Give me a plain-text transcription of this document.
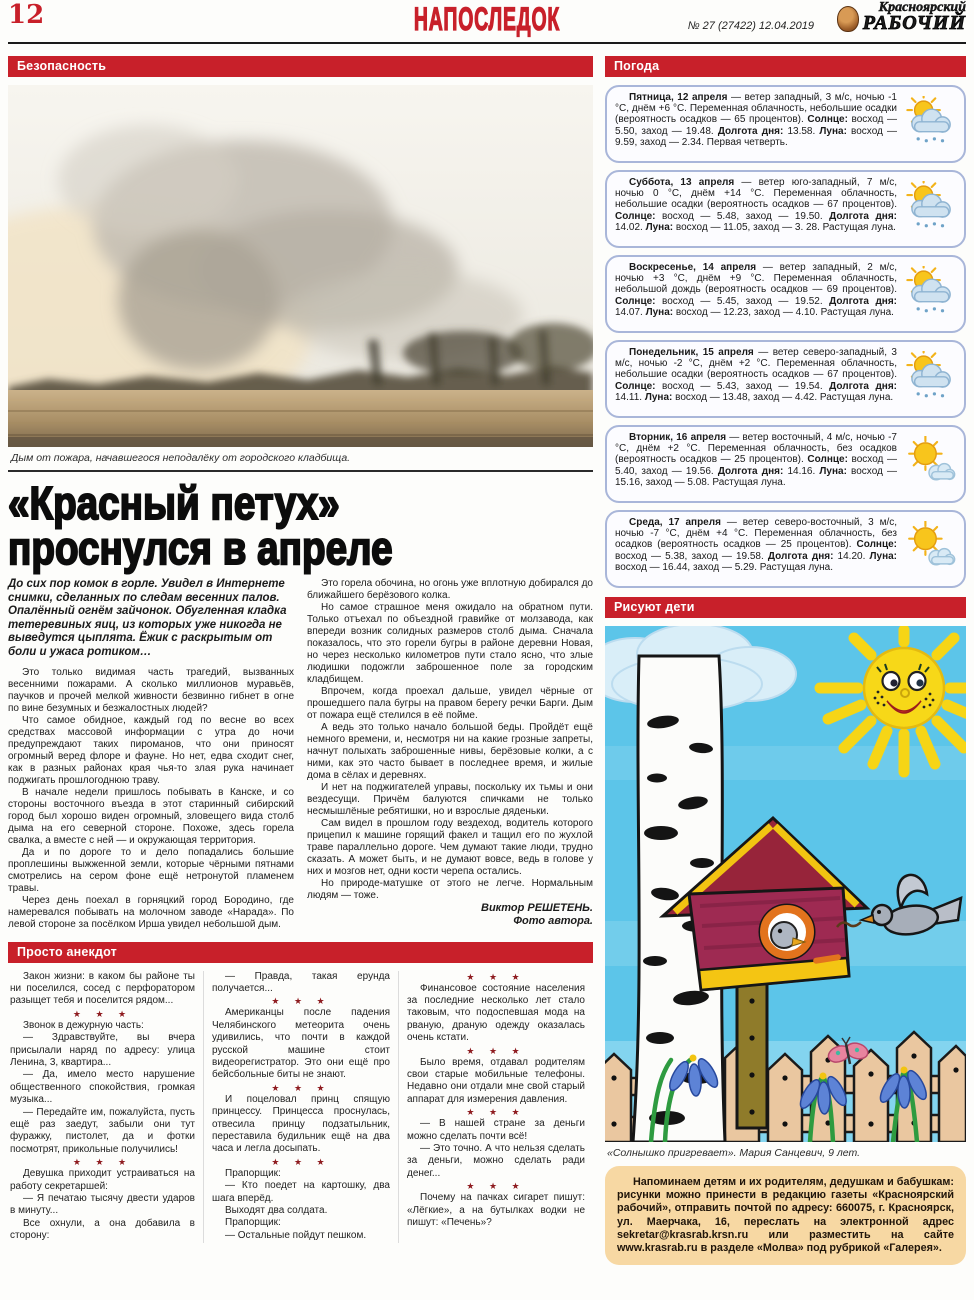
12	НАПОСЛЕДОК	№ 27 (27422) 12.04.2019
Красноярский
РАБОЧИЙ
Безопасность
Дым от пожара, начавшегося неподалёку от городского кладбища.
«Красный петух»
проснулся в апреле

До сих пор комок в горле. Увидел в Интернете снимки, сделанных по следам весенних палов. Опалённый огнём зайчонок. Обугленная кладка тетеревиных яиц, из которых уже никогда не выведутся цыплята. Ёжик с раскрытым от боли и ужаса ротиком…

Это только видимая часть трагедий, вызванных весенними пожарами. А сколько миллионов муравьёв, паучков и прочей мелкой живности безвинно гибнет в огне по вине безумных и безжалостных людей?

Что самое обидное, каждый год по весне во всех средствах массовой информации с утра до ночи предупреждают таких пироманов, что они приносят огромный веред флоре и фауне. Но нет, едва сходит снег, как в разных районах края чья-то злая рука начинает поджигать прошлогоднюю траву.

В начале недели пришлось побывать в Канске, и со стороны восточного въезда в этот старинный сибирский город был хорошо виден огромный, зловещего вида столб дыма на его северной стороне. Похоже, здесь горела свалка, а вместе с ней — и окружающая территория.

Да и по дороге то и дело попадались большие проплешины выжженной земли, которые чёрными пятнами смотрелись на сером фоне ещё нетронутой пламенем травы.

Через день поехал в горняцкий город Бородино, где намеревался побывать на молочном заводе «Нарада». По левой стороне за посёлком Ирша увидел небольшой дым.

Это горела обочина, но огонь уже вплотную добирался до ближайшего берёзового колка.

Но самое страшное меня ожидало на обратном пути. Только отъехал по объездной гравийке от молзавода, как впереди возник солидных размеров столб дыма. Сначала показалось, что это горели бугры в районе деревни Новая, но через несколько километров пути стало ясно, что злые людишки подожгли заброшенное поле за городским кладбищем.

Впрочем, когда проехал дальше, увидел чёрные от прошедшего пала бугры на правом берегу речки Барги. Дым от пожара ещё стелился в её пойме.

А ведь это только начало большой беды. Пройдёт ещё немного времени, и, несмотря ни на какие грозные запреты, начнут полыхать заброшенные нивы, берёзовые колки, а с ними, как это часто бывает в последнее время, и жилые дома в сёлах и деревнях.

И нет на поджигателей управы, поскольку их тьмы и они вездесущи. Причём балуются спичками не только несмышлёные ребятишки, но и взрослые дяденьки.

Сам видел в прошлом году вездеход, водитель которого прицепил к машине горящий факел и тащил его по жухлой траве параллельно дороге. Чем думают такие люди, трудно сказать. А может быть, и не думают вовсе, ведь в голове у них и мозгов нет, одни кости черепа остались.

Но природе-матушке от этого не легче. Нормальным людям — тоже.

Виктор РЕШЕТЕНЬ.

Фото автора.

Просто анекдот

Закон жизни: в каком бы районе ты ни поселился, сосед с перфоратором разыщет тебя и поселится рядом...

★ ★ ★

Звонок в дежурную часть:

— Здравствуйте, вы вчера присылали наряд по адресу: улица Ленина, 3, квартира...

— Да, имело место нарушение общественного спокойствия, громкая музыка...

— Передайте им, пожалуйста, пусть ещё раз заедут, забыли они тут фуражку, пистолет, да и фотки посмотрят, прикольные получились!

★ ★ ★

Девушка приходит устраиваться на работу секретаршей:

— Я печатаю тысячу двести ударов в минуту...

Все охнули, а она добавила в сторону:

— Правда, такая ерунда получается...

★ ★ ★

Американцы после падения Челябинского метеорита очень удивились, что почти в каждой русской машине стоит видеорегистратор. Это они ещё про бейсбольные биты не знают.

★ ★ ★

И поцеловал принц спящую принцессу. Принцесса проснулась, отвесила принцу подзатыльник, переставила будильник ещё на два часа и легла досыпать.

★ ★ ★

Прапорщик:

— Кто поедет на картошку, два шага вперёд.

Выходят два солдата.

Прапорщик:

— Остальные пойдут пешком.

★ ★ ★

Финансовое состояние населения за последние несколько лет стало таковым, что подоспевшая мода на рваную, драную одежду оказалась очень кстати.

★ ★ ★

Было время, отдавал родителям свои старые мобильные телефоны. Недавно они отдали мне свой старый аппарат для измерения давления.

★ ★ ★

— В нашей стране за деньги можно сделать почти всё!

— Это точно. А что нельзя сделать за деньги, можно сделать ради денег...

★ ★ ★

Почему на пачках сигарет пишут: «Лёгкие», а на бутылках водки не пишут: «Печень»?

Погода

Пятница, 12 апреля — ветер западный, 3 м/с, ночью -1 °С, днём +6 °С. Переменная облачность, небольшие осадки (вероятность осадков — 65 процентов). Солнце: восход — 5.50, заход — 19.48. Долгота дня: 13.58. Луна: восход — 9.59, заход — 2.34. Первая четверть.

Суббота, 13 апреля — ветер юго-западный, 7 м/с, ночью 0 °С, днём +14 °С. Переменная облачность, небольшие осадки (вероятность осадков — 67 процентов). Солнце: восход — 5.48, заход — 19.50. Долгота дня: 14.02. Луна: восход — 11.05, заход — 3. 28. Растущая луна.

Воскресенье, 14 апреля — ветер западный, 2 м/с, ночью +3 °С, днём +9 °С. Переменная облачность, небольшой дождь (вероятность осадков — 69 процентов). Солнце: восход — 5.45, заход — 19.52. Долгота дня: 14.07. Луна: восход — 12.23, заход — 4.10. Растущая луна.

Понедельник, 15 апреля — ветер северо-западный, 3 м/с, ночью -2 °С, днём +2 °С. Переменная облачность, небольшие осадки (вероятность осадков — 67 процентов). Солнце: восход — 5.43, заход — 19.54. Долгота дня: 14.11. Луна: восход — 13.48, заход — 4.42. Растущая луна.

Вторник, 16 апреля — ветер восточный, 4 м/с, ночью -7 °С, днём +2 °С. Переменная облачность, без осадков (вероятность осадков — 25 процентов). Солнце: восход — 5.40, заход — 19.56. Долгота дня: 14.16. Луна: восход — 15.16, заход — 5.08. Растущая луна.

Среда, 17 апреля — ветер северо-восточный, 3 м/с, ночью -7 °С, днём +4 °С. Переменная облачность, без осадков (вероятность осадков — 25 процентов). Солнце: восход — 5.38, заход — 19.58. Долгота дня: 14.20. Луна: восход — 16.44, заход — 5.29. Растущая луна.

Рисуют дети
«Солнышко пригревает». Мария Санцевич, 9 лет.

Напоминаем детям и их родителям, дедушкам и бабушкам: рисунки можно принести в редакцию газеты «Красноярский рабочий», отправить почтой по адресу: 660075, г. Красноярск, ул. Маерчака, 16, переслать на электронной адрес sekretar@krasrab.krsn.ru или разместить на сайте www.krasrab.ru в разделе «Молва» под рубрикой «Галерея».
